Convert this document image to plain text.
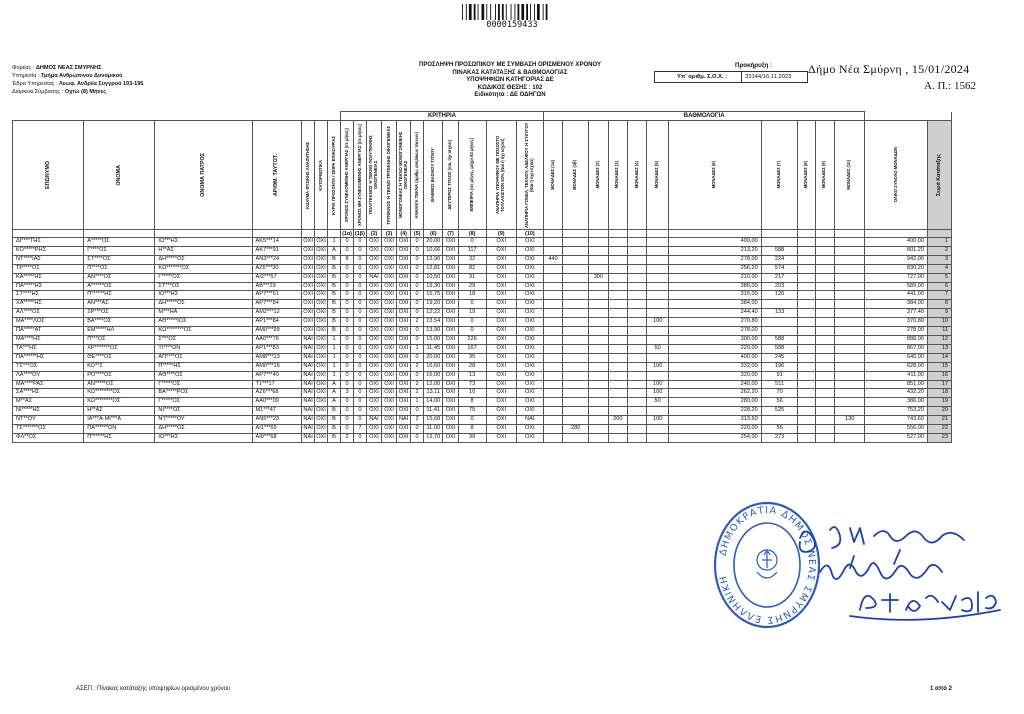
0000159433
Φορέας : ΔΗΜΟΣ ΝΕΑΣ ΣΜΥΡΝΗΣ
Υπηρεσία : Τμήμα Ανθρώπινου Δυναμικού
Έδρα Υπηρεσίας : Λεωφ. Ανδρέα Συγγρού 193-195
Διάρκεια Σύμβασης : Οχτώ (8) Μήνες
ΠΡΟΣΛΗΨΗ ΠΡΟΣΩΠΙΚΟΥ ΜΕ ΣΥΜΒΑΣΗ ΟΡΙΣΜΕΝΟΥ ΧΡΟΝΟΥ
ΠΙΝΑΚΑΣ ΚΑΤΑΤΑΞΗΣ & ΒΑΘΜΟΛΟΓΙΑΣ
ΥΠΟΨΗΦΙΩΝ ΚΑΤΗΓΟΡΙΑΣ ΔΕ
ΚΩΔΙΚΟΣ ΘΕΣΗΣ : 102
Ειδικότητα : ΔΕ ΟΔΗΓΩΝ
Προκήρυξη :
Υπ' αριθμ. Σ.Ο.Χ. :	33144/16.11.2023
Δήμο Νέα Σμύρνη , 15/01/2024
Α. Π.: 1562
							ΚΡΙΤΗΡΙΑ											ΒΑΘΜΟΛΟΓΙΑ												

ΕΠΩΝΥΜΟ	ΟΝΟΜΑ	ΟΝΟΜΑ ΠΑΤΡΟΣ	ΑΡΙΘΜ. ΤΑΥΤΟΤ.	ΚΩΛΥΜΑ ΦΥΣΙΚΗΣ ΑΝΑΖΗΤΗΣΗΣ	ΚΑΤΟΡΘΩΤΙΚΑ	ΚΥΡΙΑ ΠΡΟΣΟΝΤΑ / ΣΕΙΡΑ ΕΠΙΚΟΥΡΙΑΣ	ΧΡΟΝΟΣ ΣΥΝΕΧΟΜΕΝΗΣ ΑΝΕΡΓΙΑΣ (σε μήνες)	ΧΡΟΝΟΣ ΜΗ ΣΥΝΕΧΟΜΕΝΗΣ ΑΝΕΡΓΙΑΣ (σε μήνες)	ΠΟΛΥΤΕΚΝΟΣ Ή ΤΕΚΝΟ ΠΟΛΥΤΕΚΝΗΣ ΟΙΚΟΓΕΝΕΙΑΣ	ΤΡΙΤΕΚΝΟΣ Ή ΤΕΚΝΟ ΤΡΙΤΕΚΝΗΣ ΟΙΚΟΓΕΝΕΙΑΣ	ΜΟΝΟΓΟΝΕΑΣ Ή ΤΕΚΝΟ ΜΟΝΟΓΟΝΕΪΚΗΣ ΟΙΚΟΓΕΝΕΙΑΣ	ΑΝΗΛΙΚΑ ΤΕΚΝΑ (αριθμ. ανηλίκων τέκνων)	ΒΑΘΜΟΣ ΒΑΣΙΚΟΥ ΤΙΤΛΟΥ	ΔΕΥΤΕΡΟΣ ΤΙΤΛΟΣ (ναι, όχι ισχύει)	ΕΜΠΕΙΡΙΑ (σε μήνες, μέχρι 84 μήνες)	ΑΝΑΠΗΡΙΑ ΥΠΟΨΗΦΙΟΥ ΜΕ ΠΟΣΟΣΤΟ ΤΟΥΛΑΧΙΣΤΟΝ 50% (Ναι ή όχι ισχύει)	ΑΝΑΠΗΡΙΑ ΓΟΝΕΑ, ΤΕΚΝΟΥ, ΑΔΕΛΦΟΥ Ή ΣΥΖΥΓΟΥ (Ναι ή όχι ισχύει)	ΜΟΝΑΔΕΣ (1α)	ΜΟΝΑΔΕΣ (1β)	ΜΟΝΑΔΕΣ (2)	ΜΟΝΑΔΕΣ (3)	ΜΟΝΑΔΕΣ (4)	ΜΟΝΑΔΕΣ (5)	ΜΟΝΑΔΕΣ (6)	ΜΟΝΑΔΕΣ (7)	ΜΟΝΑΔΕΣ (8)	ΜΟΝΑΔΕΣ (9)	ΜΟΝΑΔΕΣ (10)	ΟΛΙΚΟ ΣΥΝΟΛΟ ΜΟΝΑΔΩΝ	Σειρά Κατάταξης

							(1α)	(1β)	(2)	(3)	(4)	(5)	(6)	(7)	(8)	(9)	(10)													
ΔΙ****ΤΗΣ	Α*****ΟΣ	ΙΩ***ΗΣ	ΑΚ5***14	ΟΧΙ	ΟΧΙ	1	0	0	ΟΧΙ	ΟΧΙ	ΟΧΙ	0	20,00	ΟΧΙ	0	ΟΧΙ	ΟΧΙ							400,00					400,00	1
ΚΟ*****ΡΗΣ	Γ****ΟΣ	Η**ΑΣ	ΑΚ7***91	ΟΧΙ	ΟΧΙ	Α	0	0	ΟΧΙ	ΟΧΙ	ΟΧΙ	0	10,66	ΟΧΙ	117	ΟΧΙ	ΟΧΙ							213,20	588				801,20	2
ΝΤ****ΙΑΣ	ΣΤ****ΟΣ	ΔΗ*****ΟΣ	ΑΝ3***24	ΟΧΙ	ΟΧΙ	Β	8	0	ΟΧΙ	ΟΧΙ	ΟΧΙ	0	13,90	ΟΧΙ	32	ΟΧΙ	ΟΧΙ	440						278,00	224				942,00	3
ΤΡ****ΟΣ	Π****ΟΣ	ΚΩ*******ΟΣ	ΑΖ6***30	ΟΧΙ	ΟΧΙ	Β	0	0	ΟΧΙ	ΟΧΙ	ΟΧΙ	0	12,81	ΟΧΙ	82	ΟΧΙ	ΟΧΙ							256,20	574				830,20	4
ΚΑ*****ΗΣ	ΑΝ****ΟΣ	Γ*****ΟΣ	ΑΙ2***57	ΟΧΙ	ΟΧΙ	Β	0	0	ΝΑΙ	ΟΧΙ	ΟΧΙ	0	10,50	ΟΧΙ	31	ΟΧΙ	ΟΧΙ			300				210,00	217				727,00	5
ΠΑ*****ΗΣ	Α******ΟΣ	ΣΤ***ΟΣ	ΑΒ***29	ΟΧΙ	ΟΧΙ	Β	0	0	ΟΧΙ	ΟΧΙ	ΟΧΙ	0	19,30	ΟΧΙ	29	ΟΧΙ	ΟΧΙ							386,00	203				589,00	6
ΣΤ****ΗΣ	Π******ΗΣ	ΙΩ***ΗΣ	ΑΡ7***61	ΟΧΙ	ΟΧΙ	Β	0	0	ΟΧΙ	ΟΧΙ	ΟΧΙ	0	15,75	ΟΧΙ	18	ΟΧΙ	ΟΧΙ							315,00	126				441,00	7
ΧΑ*****ΗΣ	ΑΝ***ΑΣ	ΔΗ*****ΟΣ	ΑΡ7***84	ΟΧΙ	ΟΧΙ	Β	0	0	ΟΧΙ	ΟΧΙ	ΟΧΙ	0	19,20	ΟΧΙ	0	ΟΧΙ	ΟΧΙ							384,00					384,00	8
ΑΛ****ΟΣ	ΣΡ***ΟΣ	Μ***ΗΑ	ΑΜ2***12	ΟΧΙ	ΟΧΙ	Β	0	0	ΟΧΙ	ΟΧΙ	ΟΧΙ	0	12,22	ΟΧΙ	19	ΟΧΙ	ΟΧΙ							244,40	133				377,40	9
ΜΑ****ΛΟΣ	ΒΑ****ΟΣ	ΑΘ*****ΙΟΣ	ΑΡ1***84	ΟΧΙ	ΟΧΙ	Β	0	0	ΟΧΙ	ΟΧΙ	ΟΧΙ	2	13,54	ΟΧΙ	0	ΟΧΙ	ΟΧΙ						100	270,80					370,80	10
ΠΑ*****ΑΤ	ΕΜ*****ΗΛ	ΚΩ********ΟΣ	ΑΜ0***99	ΟΧΙ	ΟΧΙ	Β	0	0	ΟΧΙ	ΟΧΙ	ΟΧΙ	0	13,90	ΟΧΙ	0	ΟΧΙ	ΟΧΙ							278,00					278,00	11
ΜΑ****ΗΣ	Π***ΟΣ	Σ***ΟΣ	ΑΑ0***76	ΝΑΙ	ΟΧΙ	1	0	0	ΟΧΙ	ΟΧΙ	ΟΧΙ	0	15,00	ΟΧΙ	226	ΟΧΙ	ΟΧΙ							300,00	588				888,00	12
ΤΑ***ΗΣ	ΧΡ*******ΟΣ	ΤΙ****ΩΝ	ΑΡ1***83	ΝΑΙ	ΟΧΙ	1	0	0	ΟΧΙ	ΟΧΙ	ΟΧΙ	1	11,45	ΟΧΙ	167	ΟΧΙ	ΟΧΙ						50	229,00	588				867,00	13
ΠΑ******ΗΣ	ΘΕ****ΟΣ	ΑΠ****ΟΣ	ΑΜ8***13	ΝΑΙ	ΟΧΙ	1	0	0	ΟΧΙ	ΟΧΙ	ΟΧΙ	0	20,00	ΟΧΙ	35	ΟΧΙ	ΟΧΙ							400,00	245				645,00	14
ΤΣ***ΟΣ	ΚΩ**Σ	Π*****ΗΣ	ΑΜ0***16	ΝΑΙ	ΟΧΙ	1	0	0	ΟΧΙ	ΟΧΙ	ΟΧΙ	2	16,60	ΟΧΙ	28	ΟΧΙ	ΟΧΙ						100	332,00	196				628,00	15
ΛΑ****ΟΥ	ΡΟ****ΟΣ	ΑΘ****ΟΣ	ΑΡ7***40	ΝΑΙ	ΟΧΙ	1	0	0	ΟΧΙ	ΟΧΙ	ΟΧΙ	0	16,00	ΟΧΙ	13	ΟΧΙ	ΟΧΙ							320,00	91				411,00	16
ΜΑ****ΡΑΣ	ΑΝ*****ΟΣ	Γ*****ΟΣ	Τ1***17	ΝΑΙ	ΟΧΙ	Α	0	0	ΟΧΙ	ΟΧΙ	ΟΧΙ	2	12,00	ΟΧΙ	73	ΟΧΙ	ΟΧΙ						100	240,00	511				851,00	17
ΣΑ****ΗΣ	ΚΩ********ΟΣ	ΒΑ*****ΡΟΣ	ΑΖ6***68	ΝΑΙ	ΟΧΙ	Α	3	0	ΟΧΙ	ΟΧΙ	ΟΧΙ	2	13,11	ΟΧΙ	10	ΟΧΙ	ΟΧΙ						100	262,20	70				432,20	18
Μ**ΑΣ	ΚΩ********ΟΣ	Γ*****ΟΣ	ΑΑ0***09	ΝΑΙ	ΟΧΙ	Α	0	0	ΟΧΙ	ΟΧΙ	ΟΧΙ	1	14,00	ΟΧΙ	8	ΟΧΙ	ΟΧΙ						50	280,00	56				386,00	19
ΝΙ*****ΗΣ	Η**ΑΣ	ΝΙ****ΟΣ	Μ1***47	ΝΑΙ	ΟΧΙ	Β	0	0	ΟΧΙ	ΟΧΙ	ΟΧΙ	0	11,41	ΟΧΙ	75	ΟΧΙ	ΟΧΙ							228,20	525				753,20	20
ΝΤ**ΟΥ	ΙΑ***Α-ΜΙ***Α	ΝΤ*****ΟΥ	ΑΝ5***23	ΝΑΙ	ΟΧΙ	Β	0	0	ΝΑΙ	ΟΧΙ	ΝΑΙ	2	15,68	ΟΧΙ	0	ΟΧΙ	ΝΑΙ				200		100	313,60				130	743,60	21
ΤΣ*******ΟΣ	ΠΑ******ΩΝ	ΔΗ*****ΟΣ	ΑΙ1***65	ΝΑΙ	ΟΧΙ	Β	0	7	ΟΧΙ	ΟΧΙ	ΟΧΙ	0	11,00	ΟΧΙ	8	ΟΧΙ	ΟΧΙ		280					220,00	56				556,00	22
ΦΛ**ΟΣ	Π******ΗΣ	ΙΩ***ΗΣ	ΑΙ0***68	ΝΑΙ	ΟΧΙ	Β	2	0	ΟΧΙ	ΟΧΙ	ΟΧΙ	0	12,70	ΟΧΙ	39	ΟΧΙ	ΟΧΙ							254,00	273				527,00	23
ΔΗΜΟΚΡΑΤΙΑ ΔΗΜΟΣ ΝΕΑΣ ΣΜΥΡΝΗΣ ΕΛΛΗΝΙΚΗ
ΑΣΕΠ : Πίνακας κατάταξης υποψηφίων ορισμένου χρόνου	1 από 2
